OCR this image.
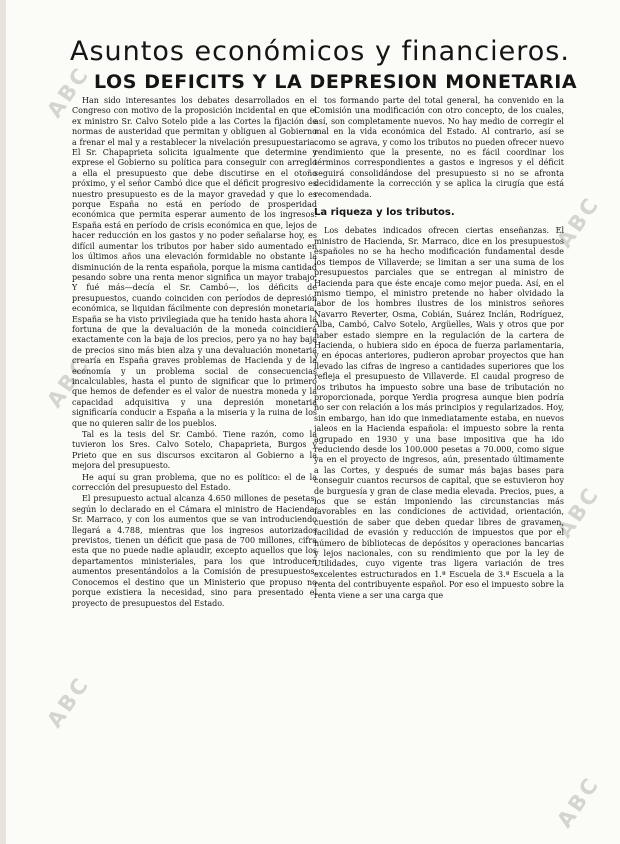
ABC
ABC
ABC
ABC
ABC
ABC
Asuntos económicos y financieros.
LOS DEFICITS Y LA DEPRESION MONETARIA

Han sido interesantes los debates desarrollados en el Congreso con motivo de la proposición incidental en que el ex ministro Sr. Calvo Sotelo pide a las Cortes la fijación de normas de austeridad que permitan y obliguen al Gobierno a frenar el mal y a restablecer la nivelación presupuestaria. El Sr. Chapaprieta solicita igualmente que determine y exprese el Gobierno su política para conseguir con arreglo a ella el presupuesto que debe discutirse en el otoño próximo, y el señor Cambó dice que el déficit progresivo es nuestro presupuesto es de la mayor gravedad y que lo es porque España no está en período de prosperidad económica que permita esperar aumento de los ingresos. España está en período de crisis económica en que, lejos de hacer reducción en los gastos y no poder señalarse hoy, es difícil aumentar los tributos por haber sido aumentado en los últimos años una elevación formidable no obstante la disminución de la renta española, porque la misma cantidad pesando sobre una renta menor significa un mayor trabajo. Y fué más—decía el Sr. Cambó—, los déficits de presupuestos, cuando coinciden con períodos de depresión económica, se liquidan fácilmente con depresión monetaria. España se ha visto privilegiada que ha tenido hasta ahora la fortuna de que la devaluación de la moneda coincidiera exactamente con la baja de los precios, pero ya no hay baja de precios sino más bien alza y una devaluación monetaria crearía en España graves problemas de Hacienda y de la economía y un problema social de consecuencias incalculables, hasta el punto de significar que lo primero que hemos de defender es el valor de nuestra moneda y la capacidad adquisitiva y una depresión monetaria significaría conducir a España a la miseria y la ruina de los que no quieren salir de los pueblos.

Tal es la tesis del Sr. Cambó. Tiene razón, como la tuvieron los Sres. Calvo Sotelo, Chapaprieta, Burgos y Prieto que en sus discursos excitaron al Gobierno a la mejora del presupuesto.

He aquí su gran problema, que no es político: el de la corrección del presupuesto del Estado.

El presupuesto actual alcanza 4.650 millones de pesetas, según lo declarado en el Cámara el ministro de Hacienda, Sr. Marraco, y con los aumentos que se van introduciendo llegará a 4.788, mientras que los ingresos autorizados previstos, tienen un déficit que pasa de 700 millones, cifra esta que no puede nadie aplaudir, excepto aquellos que los departamentos ministeriales, para los que introducen aumentos presentándolos a la Comisión de presupuestos. Conocemos el destino que un Ministerio que propuso no porque existiera la necesidad, sino para presentado el proyecto de presupuestos del Estado.

tos formando parte del total general, ha convenido en la Comisión una modificación con otro concepto, de los cuales, así, son completamente nuevos. No hay medio de corregir el mal en la vida económica del Estado. Al contrario, así se como se agrava, y como los tributos no pueden ofrecer nuevo rendimiento que la presente, no es fácil coordinar los términos correspondientes a gastos e ingresos y el déficit seguirá consolidándose del presupuesto si no se afronta decididamente la corrección y se aplica la cirugía que está recomendada.

La riqueza y los tributos.

Los debates indicados ofrecen ciertas enseñanzas. El ministro de Hacienda, Sr. Marraco, dice en los presupuestos españoles no se ha hecho modificación fundamental desde los tiempos de Villaverde; se limitan a ser una suma de los presupuestos parciales que se entregan al ministro de Hacienda para que éste encaje como mejor pueda. Así, en el mismo tiempo, el ministro pretende no haber olvidado la labor de los hombres ilustres de los ministros señores Navarro Reverter, Osma, Cobián, Suárez Inclán, Rodríguez, Alba, Cambó, Calvo Sotelo, Argüelles, Wais y otros que por haber estado siempre en la regulación de la cartera de Hacienda, o hubiera sido en época de fuerza parlamentaria, y en épocas anteriores, pudieron aprobar proyectos que han llevado las cifras de ingreso a cantidades superiores que los refleja el presupuesto de Villaverde. El caudal progreso de los tributos ha impuesto sobre una base de tributación no proporcionada, porque Yerdia progresa aunque bien podría no ser con relación a los más principios y regularizados. Hoy, sin embargo, han ido que inmediatamente estaba, en nuevos jaleos en la Hacienda española: el impuesto sobre la renta agrupado en 1930 y una base impositiva que ha ido reduciendo desde los 100.000 pesetas a 70.000, como sigue ya en el proyecto de ingresos, aún, presentado últimamente a las Cortes, y después de sumar más bajas bases para conseguir cuantos recursos de capital, que se estuvieron hoy de burguesía y gran de clase media elevada. Precios, pues, a los que se están imponiendo las circunstancias más favorables en las condiciones de actividad, orientación, cuestión de saber que deben quedar libres de gravamen, facilidad de evasión y reducción de impuestos que por el número de bibliotecas de depósitos y operaciones bancarias y lejos nacionales, con su rendimiento que por la ley de Utilidades, cuyo vigente tras ligera variación de tres excelentes estructurados en 1.ª Escuela de 3.ª Escuela a la renta del contribuyente español. Por eso el impuesto sobre la renta viene a ser una carga que
